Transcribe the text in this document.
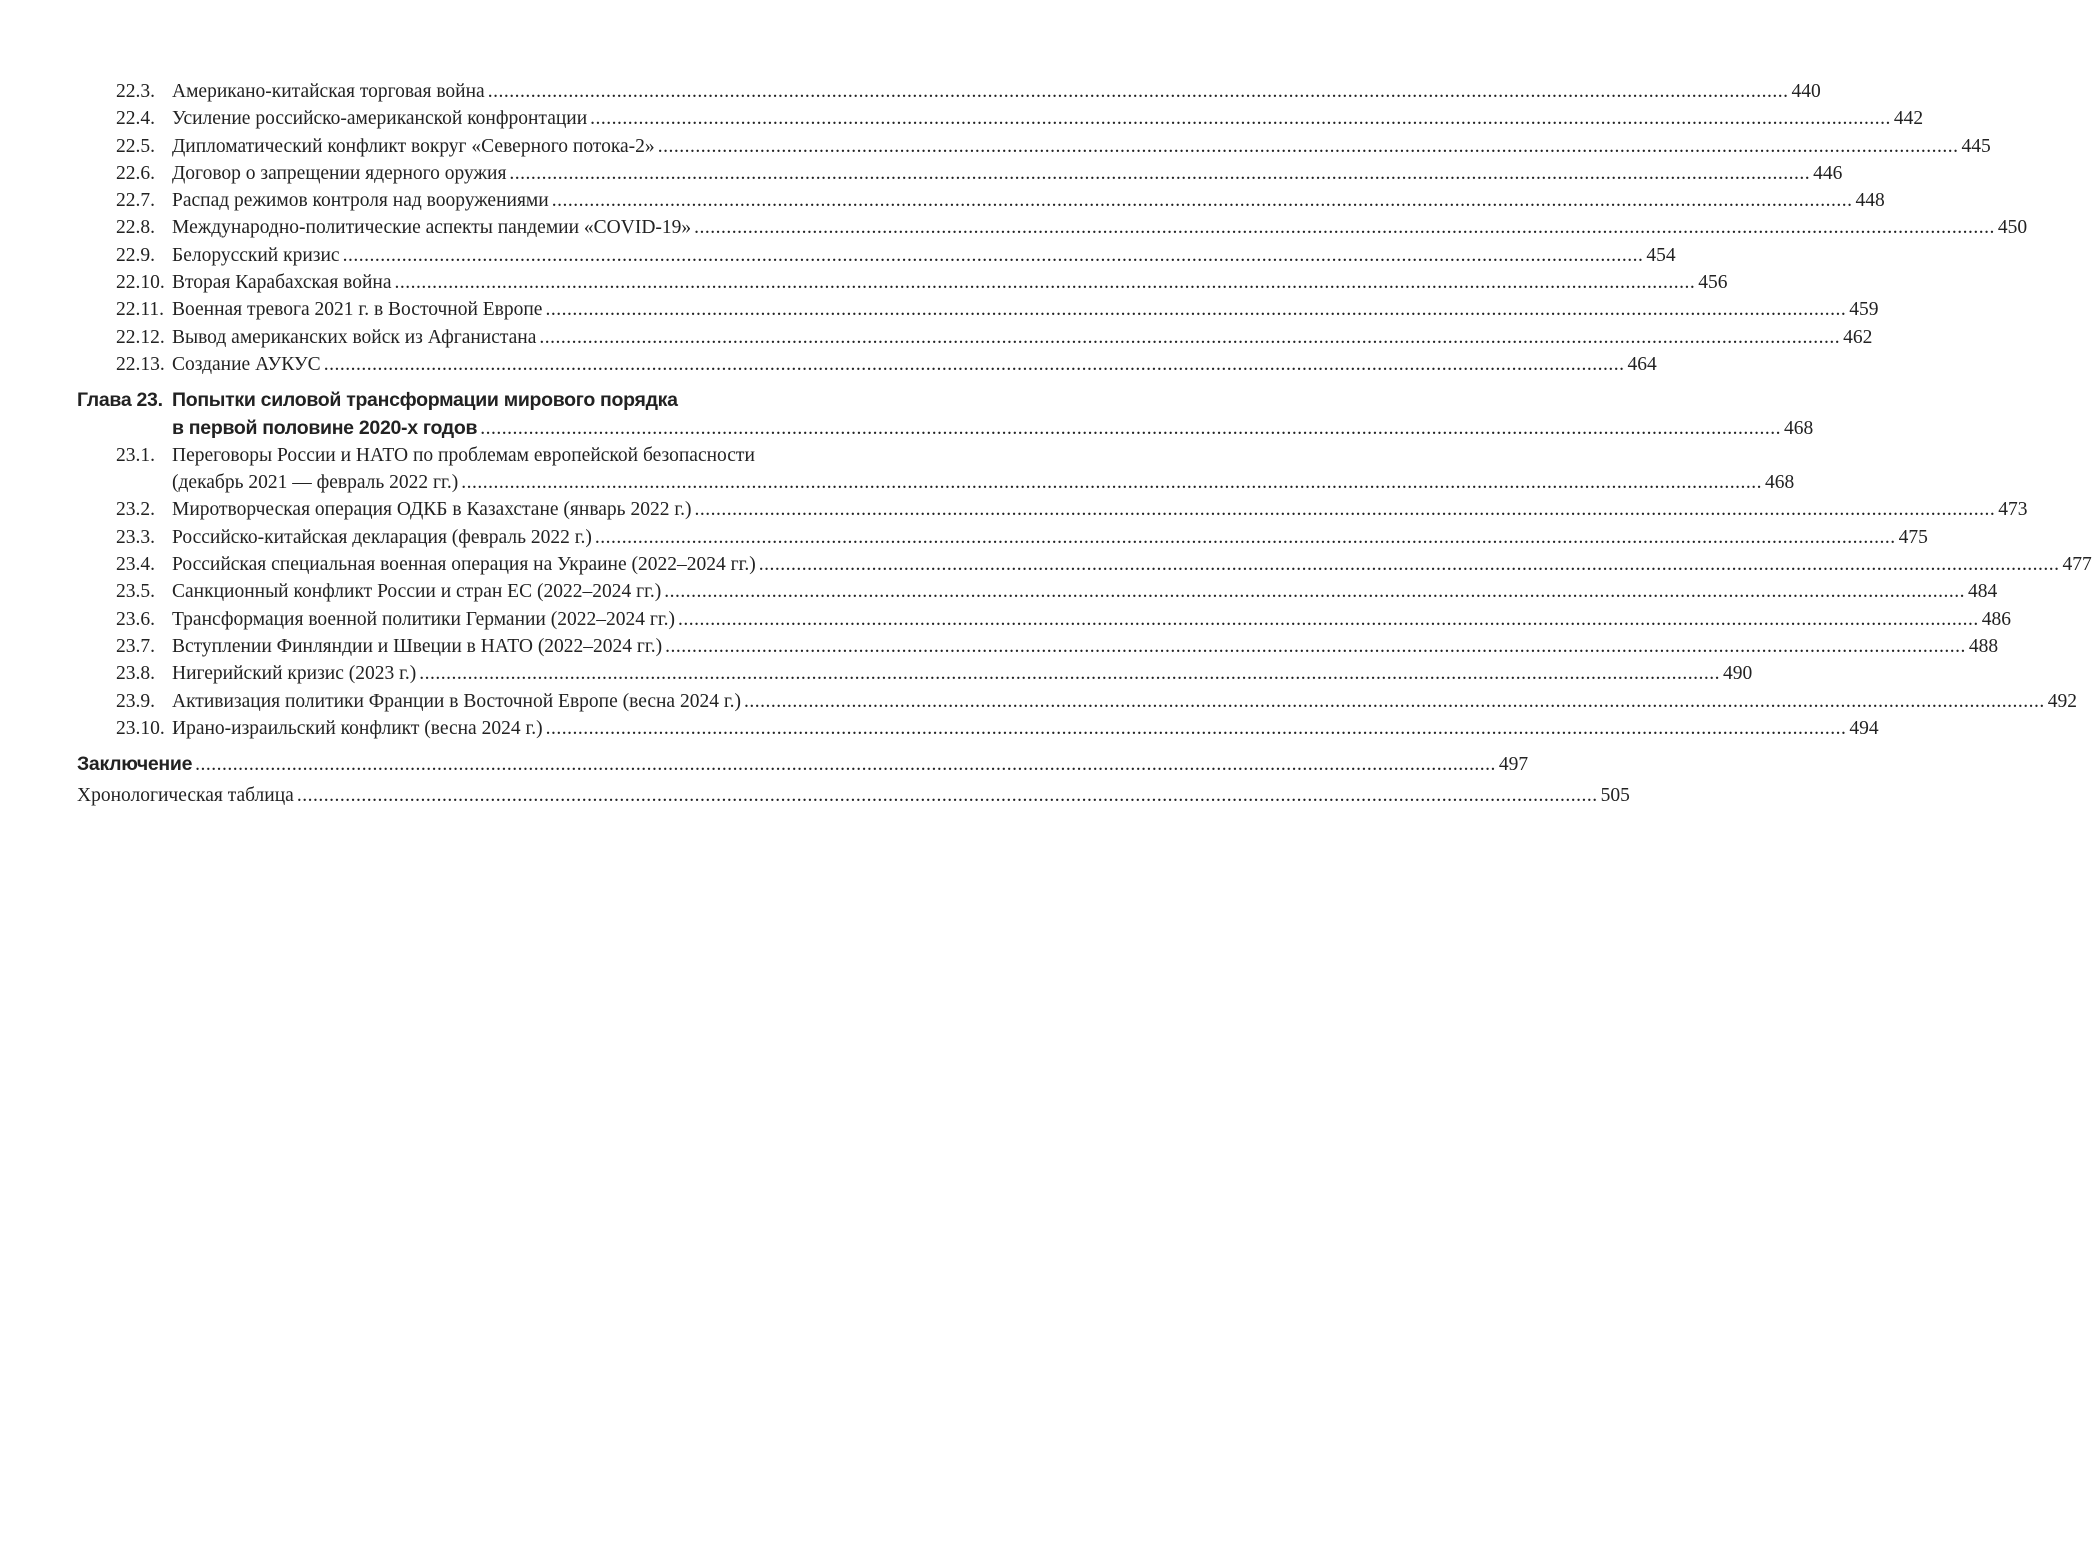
22.3. Американо-китайская торговая война .....	440
22.4. Усиление российско-американской конфронтации .....	442
22.5. Дипломатический конфликт вокруг «Северного потока-2» .....	445
22.6. Договор о запрещении ядерного оружия .....	446
22.7. Распад режимов контроля над вооружениями .....	448
22.8. Международно-политические аспекты пандемии «COVID-19» .....	450
22.9. Белорусский кризис .....	454
22.10. Вторая Карабахская война .....	456
22.11. Военная тревога 2021 г. в Восточной Европе .....	459
22.12. Вывод американских войск из Афганистана .....	462
22.13. Создание АУКУС .....	464
Глава 23. Попытки силовой трансформации мирового порядка
в первой половине 2020-х годов .....	468
23.1. Переговоры России и НАТО по проблемам европейской безопасности
(декабрь 2021 — февраль 2022 гг.) .....	468
23.2. Миротворческая операция ОДКБ в Казахстане (январь 2022 г.) .....	473
23.3. Российско-китайская декларация (февраль 2022 г.) .....	475
23.4. Российская специальная военная операция на Украине (2022–2024 гг.) .....	477
23.5. Санкционный конфликт России и стран ЕС (2022–2024 гг.) .....	484
23.6. Трансформация военной политики Германии (2022–2024 гг.) .....	486
23.7. Вступлении Финляндии и Швеции в НАТО (2022–2024 гг.) .....	488
23.8. Нигерийский кризис (2023 г.) .....	490
23.9. Активизация политики Франции в Восточной Европе (весна 2024 г.) .....	492
23.10. Ирано-израильский конфликт (весна 2024 г.) .....	494
Заключение .....	497
Хронологическая таблица .....	505
